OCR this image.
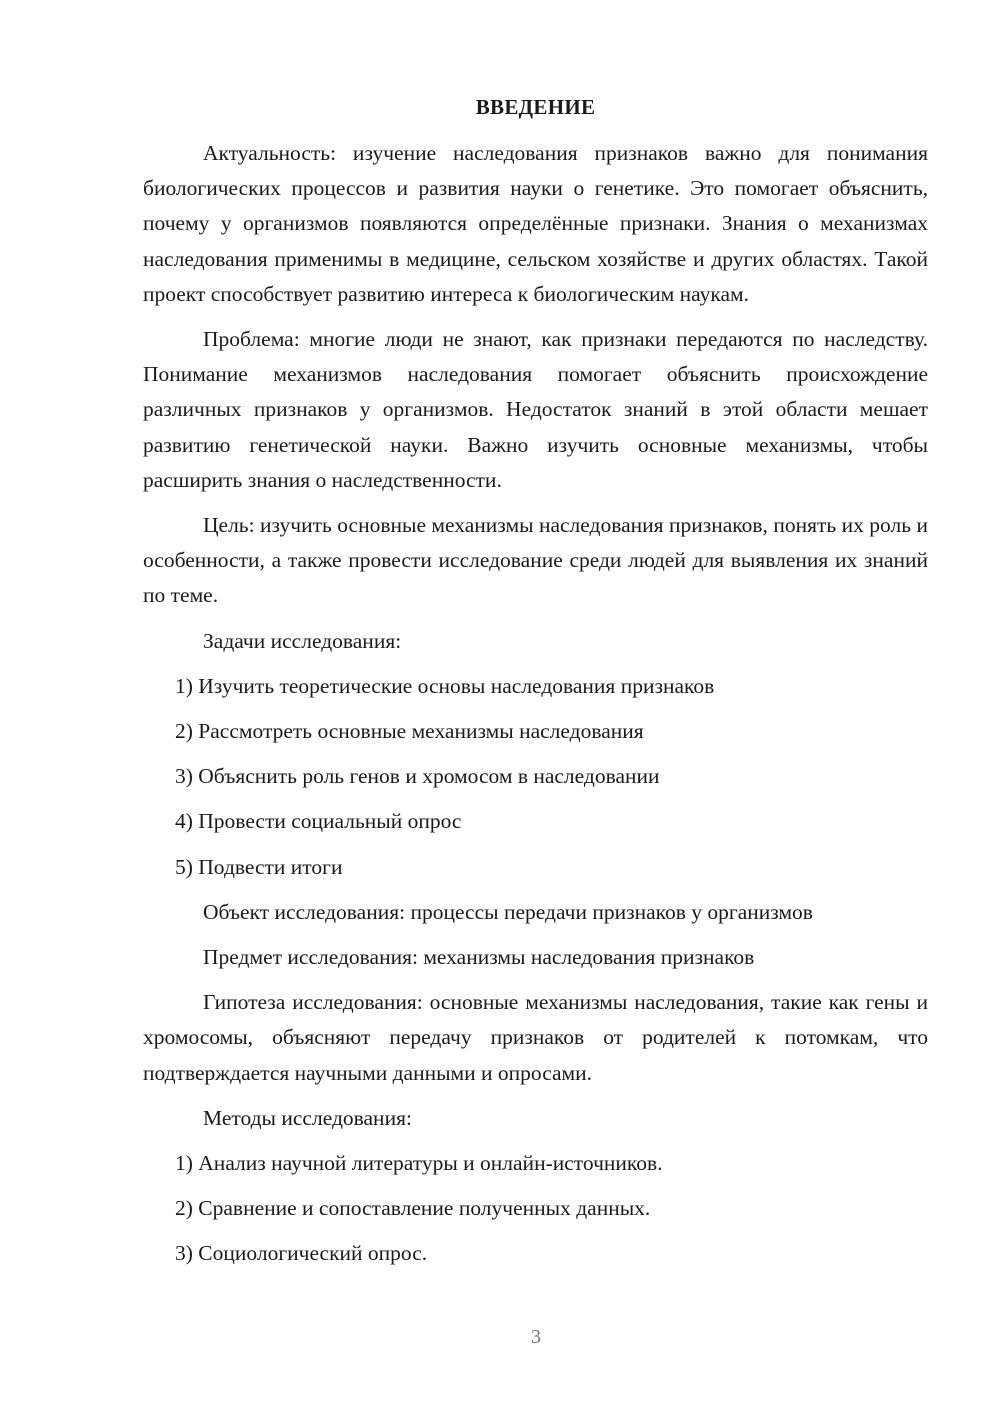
ВВЕДЕНИЕ

Актуальность: изучение наследования признаков важно для понимания биологических процессов и развития науки о генетике. Это помогает объяснить, почему у организмов появляются определённые признаки. Знания о механизмах наследования применимы в медицине, сельском хозяйстве и других областях. Такой проект способствует развитию интереса к биологическим наукам.

Проблема: многие люди не знают, как признаки передаются по наследству. Понимание механизмов наследования помогает объяснить происхождение различных признаков у организмов. Недостаток знаний в этой области мешает развитию генетической науки. Важно изучить основные механизмы, чтобы расширить знания о наследственности.

Цель: изучить основные механизмы наследования признаков, понять их роль и особенности, а также провести исследование среди людей для выявления их знаний по теме.

Задачи исследования:

1) Изучить теоретические основы наследования признаков
2) Рассмотреть основные механизмы наследования
3) Объяснить роль генов и хромосом в наследовании
4) Провести социальный опрос
5) Подвести итоги

Объект исследования: процессы передачи признаков у организмов

Предмет исследования: механизмы наследования признаков

Гипотеза исследования: основные механизмы наследования, такие как гены и хромосомы, объясняют передачу признаков от родителей к потомкам, что подтверждается научными данными и опросами.

Методы исследования:

1) Анализ научной литературы и онлайн-источников.
2) Сравнение и сопоставление полученных данных.
3) Социологический опрос.
3
